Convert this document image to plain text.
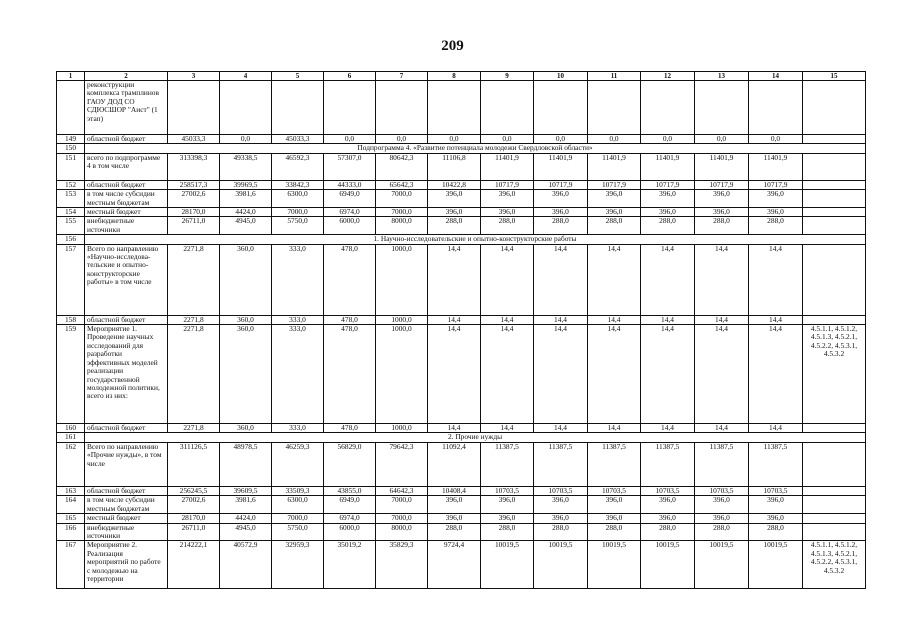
209
1	2	3	4	5	6	7	8	9	10	11	12	13	14	15
	реконструкции комплекса трамплинов ГАОУ ДОД СО СДЮСШОР "Аист" (1 этап)													
149	областной бюджет	45033,3	0,0	45033,3	0,0	0,0	0,0	0,0	0,0	0,0	0,0	0,0	0,0	
150	Подпрограмма 4. «Развитие потенциала молодежи Свердловской области»													
151	всего по подпрограмме 4 в том числе	313398,3	49338,5	46592,3	57307,0	80642,3	11106,8	11401,9	11401,9	11401,9	11401,9	11401,9	11401,9	
152	областной бюджет	258517,3	39969,5	33842,3	44333,0	65642,3	10422,8	10717,9	10717,9	10717,9	10717,9	10717,9	10717,9	
153	в том числе субсидии местным бюджетам	27002,6	3981,6	6300,0	6949,0	7000,0	396,0	396,0	396,0	396,0	396,0	396,0	396,0	
154	местный бюджет	28170,0	4424,0	7000,0	6974,0	7000,0	396,0	396,0	396,0	396,0	396,0	396,0	396,0	
155	внебюджетные источники	26711,0	4945,0	5750,0	6000,0	8000,0	288,0	288,0	288,0	288,0	288,0	288,0	288,0	
156	1. Научно-исследовательские и опытно-конструкторские работы													
157	Всего по направлению «Научно-исследова-тельские и опытно-конструкторские работы» в том числе	2271,8	360,0	333,0	478,0	1000,0	14,4	14,4	14,4	14,4	14,4	14,4	14,4	
158	областной бюджет	2271,8	360,0	333,0	478,0	1000,0	14,4	14,4	14,4	14,4	14,4	14,4	14,4	
159	Мероприятие 1. Проведение научных исследований для разработки эффективных моделей реализации государственной молодежной политики, всего из них:	2271,8	360,0	333,0	478,0	1000,0	14,4	14,4	14,4	14,4	14,4	14,4	14,4	4.5.1.1, 4.5.1.2, 4.5.1.3, 4.5.2.1, 4.5.2.2, 4.5.3.1, 4.5.3.2
160	областной бюджет	2271,8	360,0	333,0	478,0	1000,0	14,4	14,4	14,4	14,4	14,4	14,4	14,4	
161	2. Прочие нужды													
162	Всего по направлению «Прочие нужды», в том числе	311126,5	48978,5	46259,3	56829,0	79642,3	11092,4	11387,5	11387,5	11387,5	11387,5	11387,5	11387,5	
163	областной бюджет	256245,5	39609,5	33509,3	43855,0	64642,3	10408,4	10703,5	10703,5	10703,5	10703,5	10703,5	10703,5	
164	в том числе субсидии местным бюджетам	27002,6	3981,6	6300,0	6949,0	7000,0	396,0	396,0	396,0	396,0	396,0	396,0	396,0	
165	местный бюджет	28170,0	4424,0	7000,0	6974,0	7000,0	396,0	396,0	396,0	396,0	396,0	396,0	396,0	
166	внебюджетные источники	26711,0	4945,0	5750,0	6000,0	8000,0	288,0	288,0	288,0	288,0	288,0	288,0	288,0	
167	Мероприятие 2. Реализация мероприятий по работе с молодежью на территории	214222,1	40572,9	32959,3	35019,2	35829,3	9724,4	10019,5	10019,5	10019,5	10019,5	10019,5	10019,5	4.5.1.1, 4.5.1.2, 4.5.1.3, 4.5.2.1, 4.5.2.2, 4.5.3.1, 4.5.3.2
